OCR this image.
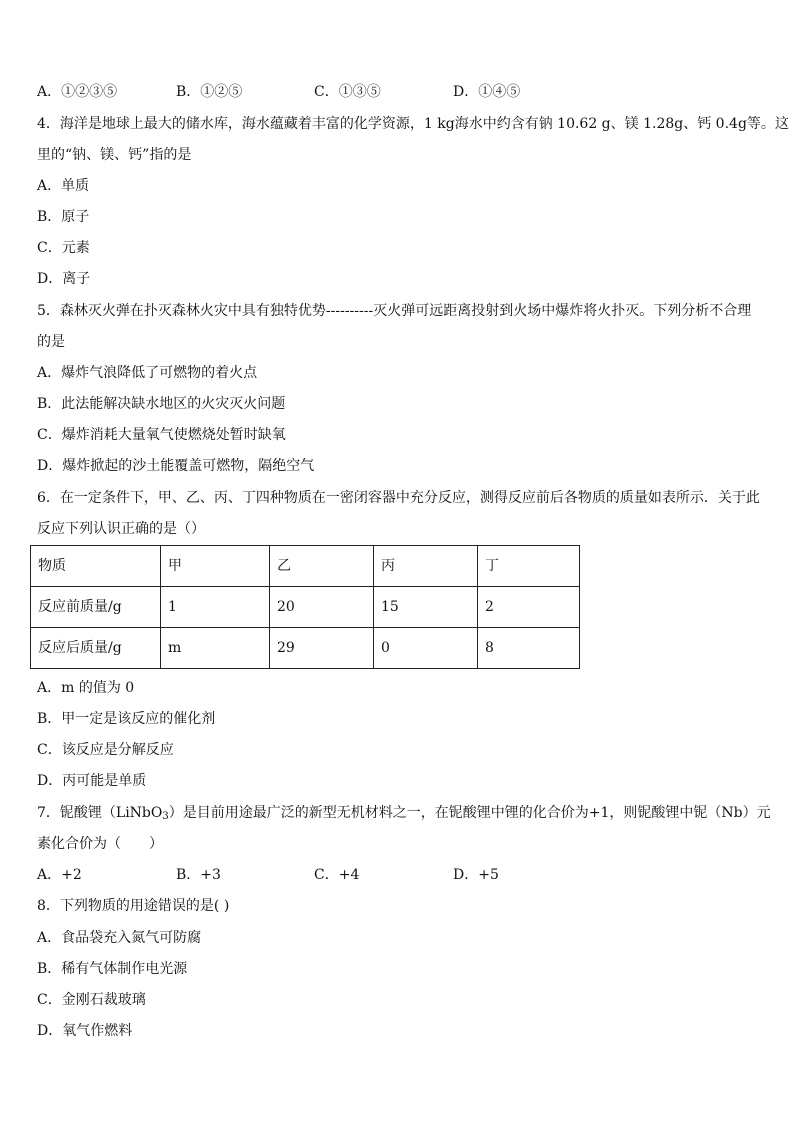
A．①②③⑤	B．①②⑤	C．①③⑤	D．①④⑤
4．海洋是地球上最大的储水库，海水蕴藏着丰富的化学资源，1 kg海水中约含有钠 10.62 g、镁 1.28g、钙 0.4g等。这
里的“钠、镁、钙”指的是
A．单质
B．原子
C．元素
D．离子
5．森林灭火弹在扑灭森林火灾中具有独特优势----------灭火弹可远距离投射到火场中爆炸将火扑灭。下列分析不合理
的是
A．爆炸气浪降低了可燃物的着火点
B．此法能解决缺水地区的火灾灭火问题
C．爆炸消耗大量氧气使燃烧处暂时缺氧
D．爆炸掀起的沙土能覆盖可燃物，隔绝空气
6．在一定条件下，甲、乙、丙、丁四种物质在一密闭容器中充分反应，测得反应前后各物质的质量如表所示．关于此
反应下列认识正确的是（）
物质	甲	乙	丙	丁
反应前质量/g	1	20	15	2
反应后质量/g	m	29	0	8
A．m 的值为 0
B．甲一定是该反应的催化剂
C．该反应是分解反应
D．丙可能是单质
7．铌酸锂（LiNbO$_3$）是目前用途最广泛的新型无机材料之一，在铌酸锂中锂的化合价为+1，则铌酸锂中铌（Nb）元
素化合价为（　　）
A．+2	B．+3	C．+4	D．+5
8．下列物质的用途错误的是( )
A．食品袋充入氮气可防腐
B．稀有气体制作电光源
C．金刚石裁玻璃
D．氧气作燃料
